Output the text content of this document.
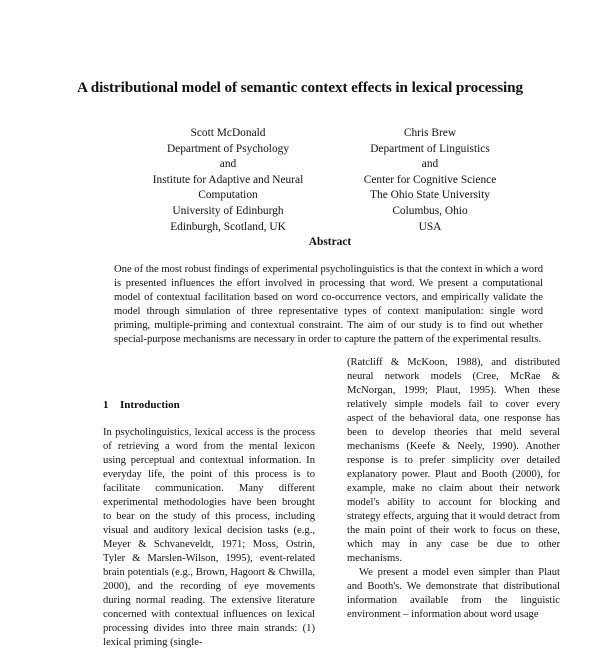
A distributional model of semantic context effects in lexical processing
Scott McDonald
Department of Psychology
and
Institute for Adaptive and Neural
Computation
University of Edinburgh
Edinburgh, Scotland, UK
Chris Brew
Department of Linguistics
and
Center for Cognitive Science
The Ohio State University
Columbus, Ohio
USA
Abstract
One of the most robust findings of experimental psycholinguistics is that the context in which a word is presented influences the effort involved in processing that word. We present a computational model of contextual facilitation based on word co-occurrence vectors, and empirically validate the model through simulation of three representative types of context manipulation: single word priming, multiple-priming and contextual constraint. The aim of our study is to find out whether special-purpose mechanisms are necessary in order to capture the pattern of the experimental results.
1 Introduction

In psycholinguistics, lexical access is the process of retrieving a word from the mental lexicon using perceptual and contextual information. In everyday life, the point of this process is to facilitate communication. Many different experimental methodologies have been brought to bear on the study of this process, including visual and auditory lexical decision tasks (e.g., Meyer & Schvaneveldt, 1971; Moss, Ostrin, Tyler & Marslen-Wilson, 1995), event-related brain potentials (e.g., Brown, Hagoort & Chwilla, 2000), and the recording of eye movements during normal reading. The extensive literature concerned with contextual influences on lexical processing divides into three main strands: (1) lexical priming (single-

(Ratcliff & McKoon, 1988), and distributed neural network models (Cree, McRae & McNorgan, 1999; Plaut, 1995). When these relatively simple models fail to cover every aspect of the behavioral data, one response has been to develop theories that meld several mechanisms (Keefe & Neely, 1990). Another response is to prefer simplicity over detailed explanatory power. Plaut and Booth (2000), for example, make no claim about their network model's ability to account for blocking and strategy effects, arguing that it would detract from the main point of their work to focus on these, which may in any case be due to other mechanisms.

We present a model even simpler than Plaut and Booth's. We demonstrate that distributional information available from the linguistic environment – information about word usage
